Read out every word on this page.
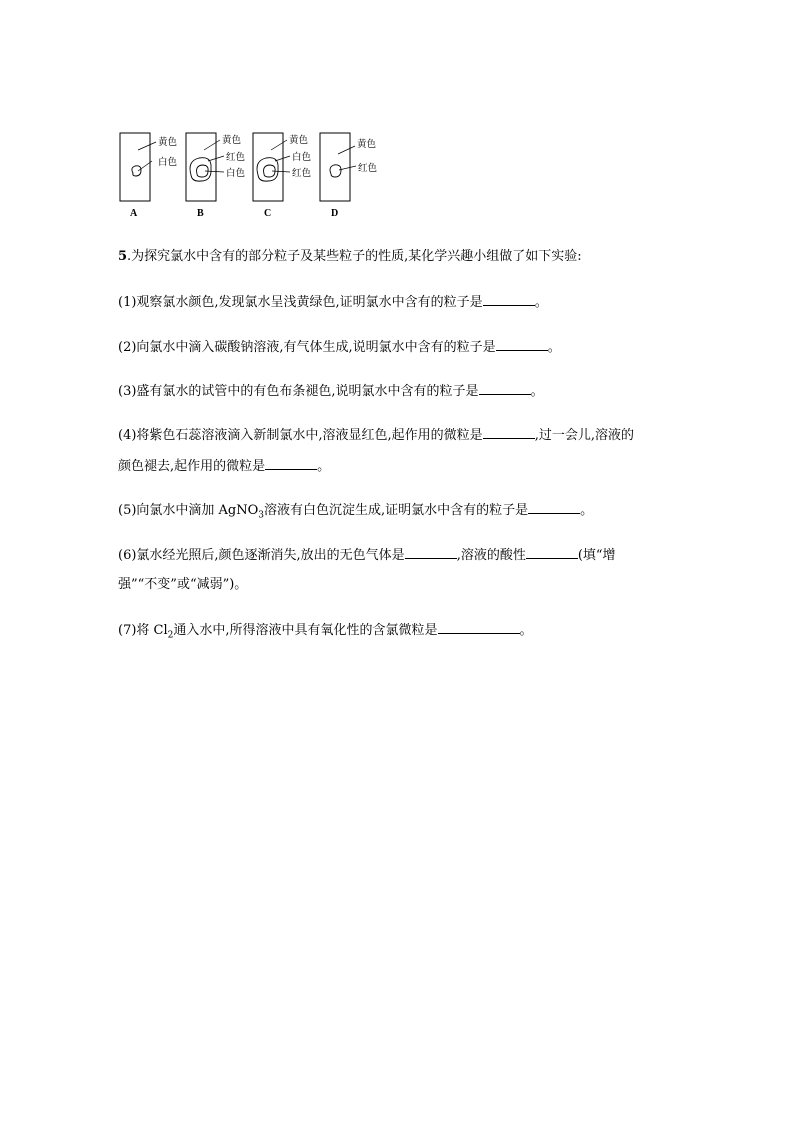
黄色
白色
A
黄色
红色
白色
B
黄色
白色
红色
C
黄色
红色
D
5.为探究氯水中含有的部分粒子及某些粒子的性质,某化学兴趣小组做了如下实验:
(1)观察氯水颜色,发现氯水呈浅黄绿色,证明氯水中含有的粒子是	。
(2)向氯水中滴入碳酸钠溶液,有气体生成,说明氯水中含有的粒子是	。
(3)盛有氯水的试管中的有色布条褪色,说明氯水中含有的粒子是	。
(4)将紫色石蕊溶液滴入新制氯水中,溶液显红色,起作用的微粒是	,过一会儿,溶液的
颜色褪去,起作用的微粒是	。
(5)向氯水中滴加 AgNO$_3$溶液有白色沉淀生成,证明氯水中含有的粒子是	。
(6)氯水经光照后,颜色逐渐消失,放出的无色气体是	,溶液的酸性	(填“增
强”“不变”或“减弱”)。
(7)将 $Cl_2$通入水中,所得溶液中具有氧化性的含氯微粒是	。
